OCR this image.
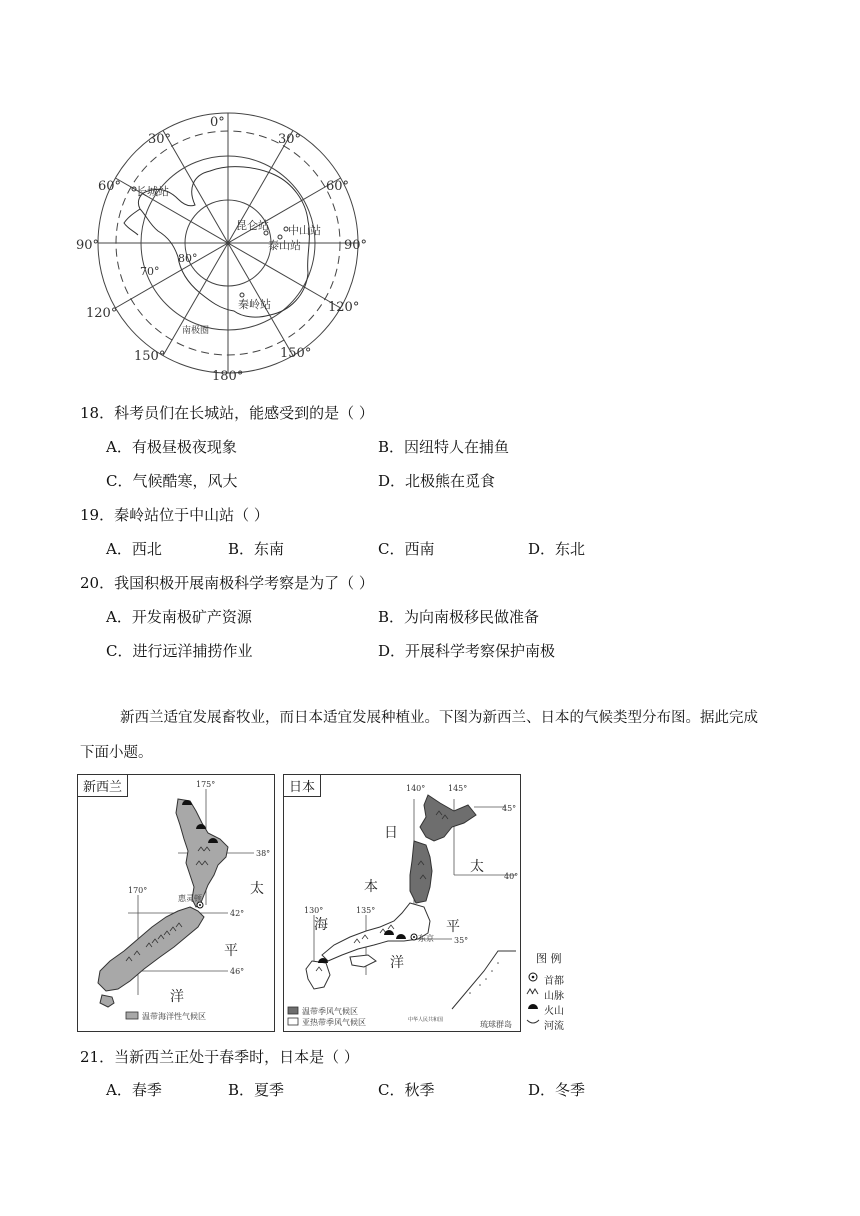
0°
30°	30°
60°	60°
90°	90°
120°	120°
150°	150°
180°
70°
80°
南极圈
长城站
昆仑站 中山站
泰山站
秦岭站
18．科考员们在长城站，能感受到的是（ ）
A．有极昼极夜现象	B．因纽特人在捕鱼
C．气候酷寒，风大	D．北极熊在觅食
19．秦岭站位于中山站（ ）
A．西北	B．东南	C．西南	D．东北
20．我国积极开展南极科学考察是为了（ ）
A．开发南极矿产资源	B．为向南极移民做准备
C．进行远洋捕捞作业	D．开展科学考察保护南极
新西兰适宜发展畜牧业，而日本适宜发展种植业。下图为新西兰、日本的气候类型分布图。据此完成
下面小题。
新西兰	175°
170°
38°
42°
46°
惠灵顿
太
平
洋
温带海洋性气候区
日本	140°	145°
130°	135°
45°
40°
35°
东京
琉球群岛
中华人民共和国
日
本
海
太
平
洋
温带季风气候区
亚热带季风气候区
图 例
首都
山脉
火山
河流
21．当新西兰正处于春季时，日本是（ ）
A．春季	B．夏季	C．秋季	D．冬季
